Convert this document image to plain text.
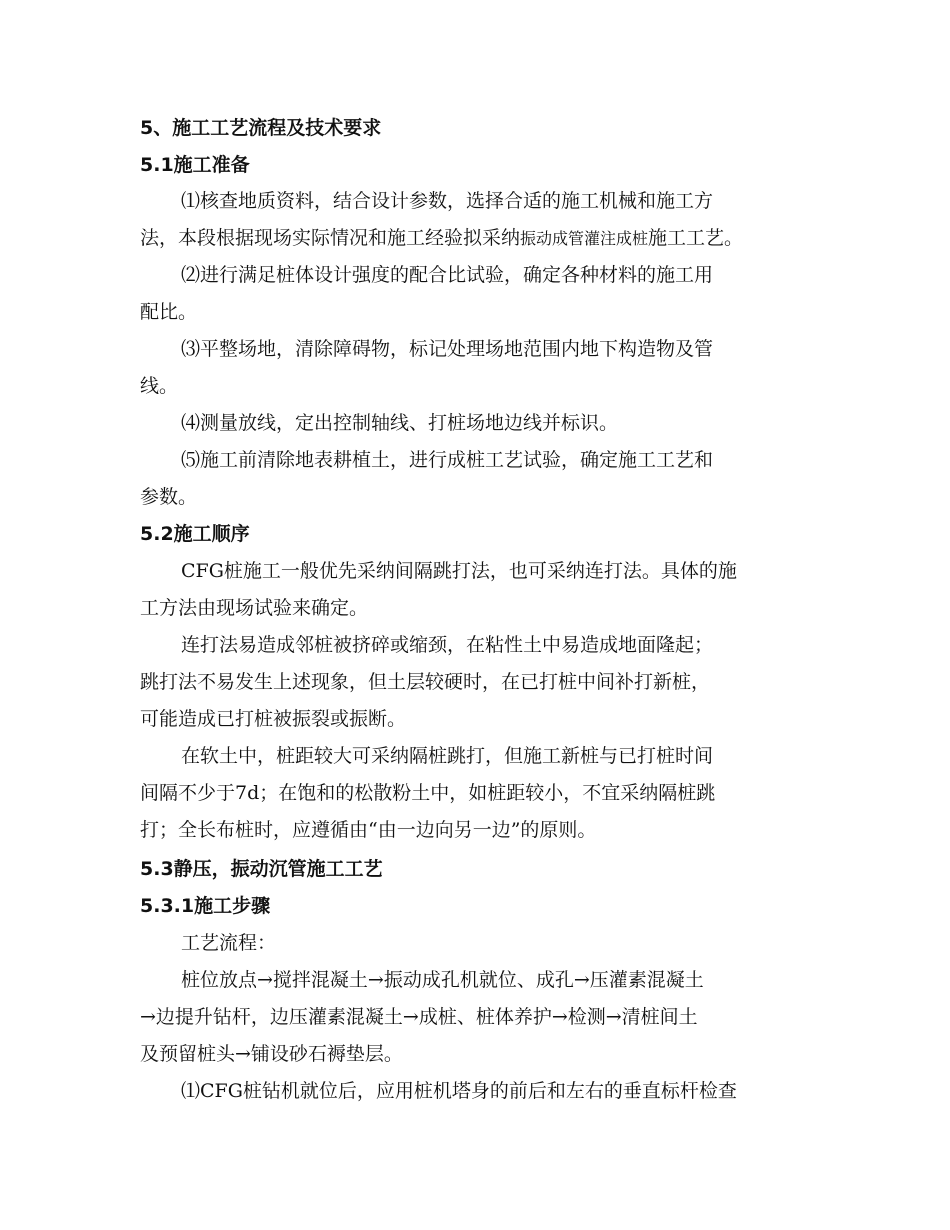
5、施工工艺流程及技术要求
5.1施工准备
⑴核查地质资料，结合设计参数，选择合适的施工机械和施工方
法，本段根据现场实际情况和施工经验拟采纳振动成管灌注成桩施工工艺。
⑵进行满足桩体设计强度的配合比试验，确定各种材料的施工用
配比。
⑶平整场地，清除障碍物，标记处理场地范围内地下构造物及管
线。
⑷测量放线，定出控制轴线、打桩场地边线并标识。
⑸施工前清除地表耕植土，进行成桩工艺试验，确定施工工艺和
参数。
5.2施工顺序
CFG桩施工一般优先采纳间隔跳打法，也可采纳连打法。具体的施
工方法由现场试验来确定。
连打法易造成邻桩被挤碎或缩颈，在粘性土中易造成地面隆起；
跳打法不易发生上述现象，但土层较硬时，在已打桩中间补打新桩，
可能造成已打桩被振裂或振断。
在软土中，桩距较大可采纳隔桩跳打，但施工新桩与已打桩时间
间隔不少于7d；在饱和的松散粉土中，如桩距较小，不宜采纳隔桩跳
打；全长布桩时，应遵循由“由一边向另一边”的原则。
5.3静压，振动沉管施工工艺
5.3.1施工步骤
工艺流程：
桩位放点→搅拌混凝土→振动成孔机就位、成孔→压灌素混凝土
→边提升钻杆，边压灌素混凝土→成桩、桩体养护→检测→清桩间土
及预留桩头→铺设砂石褥垫层。
⑴CFG桩钻机就位后，应用桩机塔身的前后和左右的垂直标杆检查
